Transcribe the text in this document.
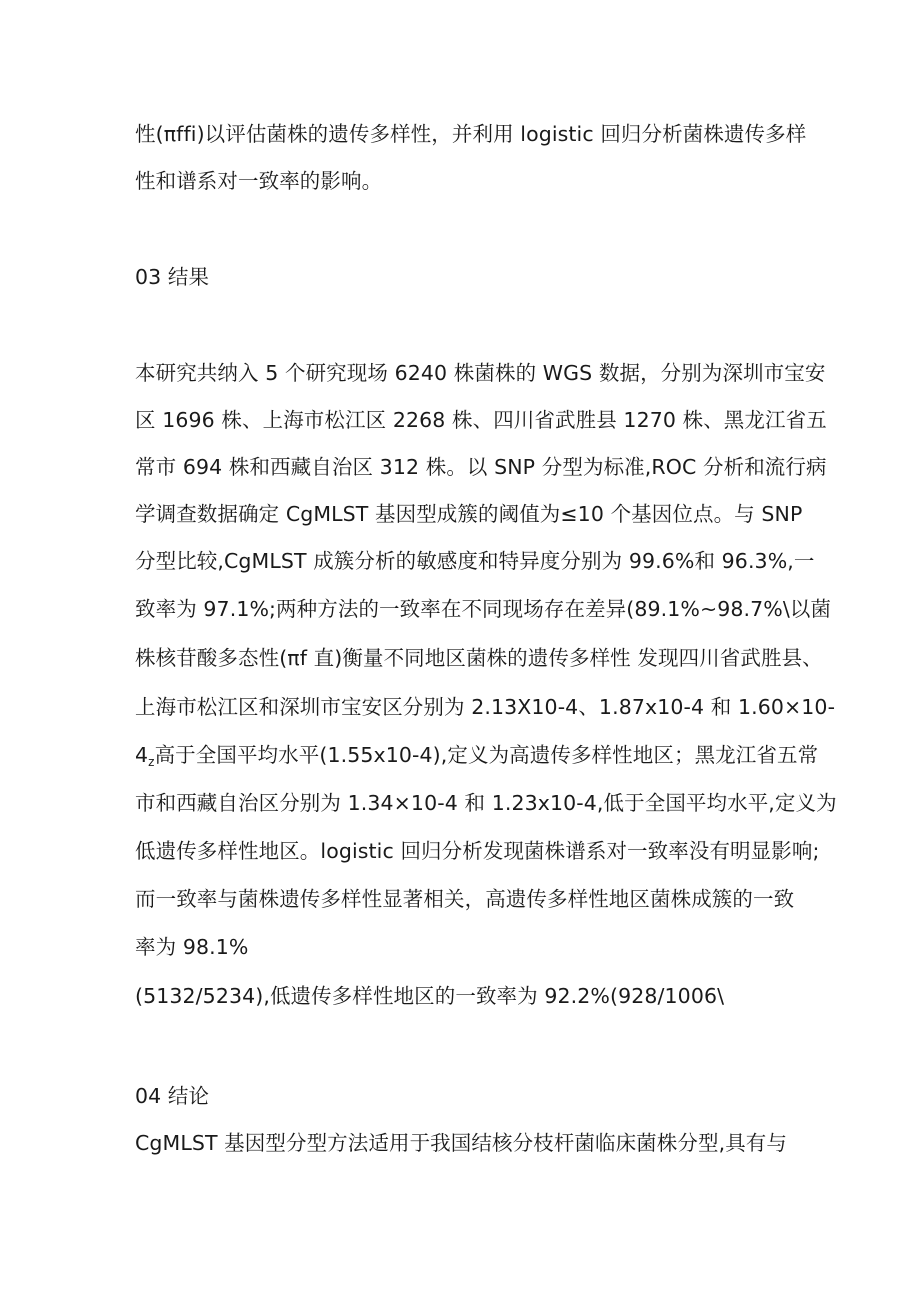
性(πffi)以评估菌株的遗传多样性，并利用 logistic 回归分析菌株遗传多样
性和谱系对一致率的影响。
03 结果
本研究共纳入 5 个研究现场 6240 株菌株的 WGS 数据，分别为深圳市宝安
区 1696 株、上海市松江区 2268 株、四川省武胜县 1270 株、黑龙江省五
常市 694 株和西藏自治区 312 株。以 SNP 分型为标准,ROC 分析和流行病
学调查数据确定 CgMLST 基因型成簇的阈值为≤10 个基因位点。与 SNP
分型比较,CgMLST 成簇分析的敏感度和特异度分别为 99.6%和 96.3%,一
致率为 97.1%;两种方法的一致率在不同现场存在差异(89.1%~98.7%\以菌
株核苷酸多态性(πf 直)衡量不同地区菌株的遗传多样性 发现四川省武胜县、
上海市松江区和深圳市宝安区分别为 2.13X10-4、1.87x10-4 和 1.60×10-
$4_z$高于全国平均水平(1.55x10-4),定义为高遗传多样性地区；黑龙江省五常
市和西藏自治区分别为 1.34×10-4 和 1.23x10-4,低于全国平均水平,定义为
低遗传多样性地区。logistic 回归分析发现菌株谱系对一致率没有明显影响;
而一致率与菌株遗传多样性显著相关，高遗传多样性地区菌株成簇的一致
率为 98.1%
(5132/5234),低遗传多样性地区的一致率为 92.2%(928/1006\
04 结论
CgMLST 基因型分型方法适用于我国结核分枝杆菌临床菌株分型,具有与
